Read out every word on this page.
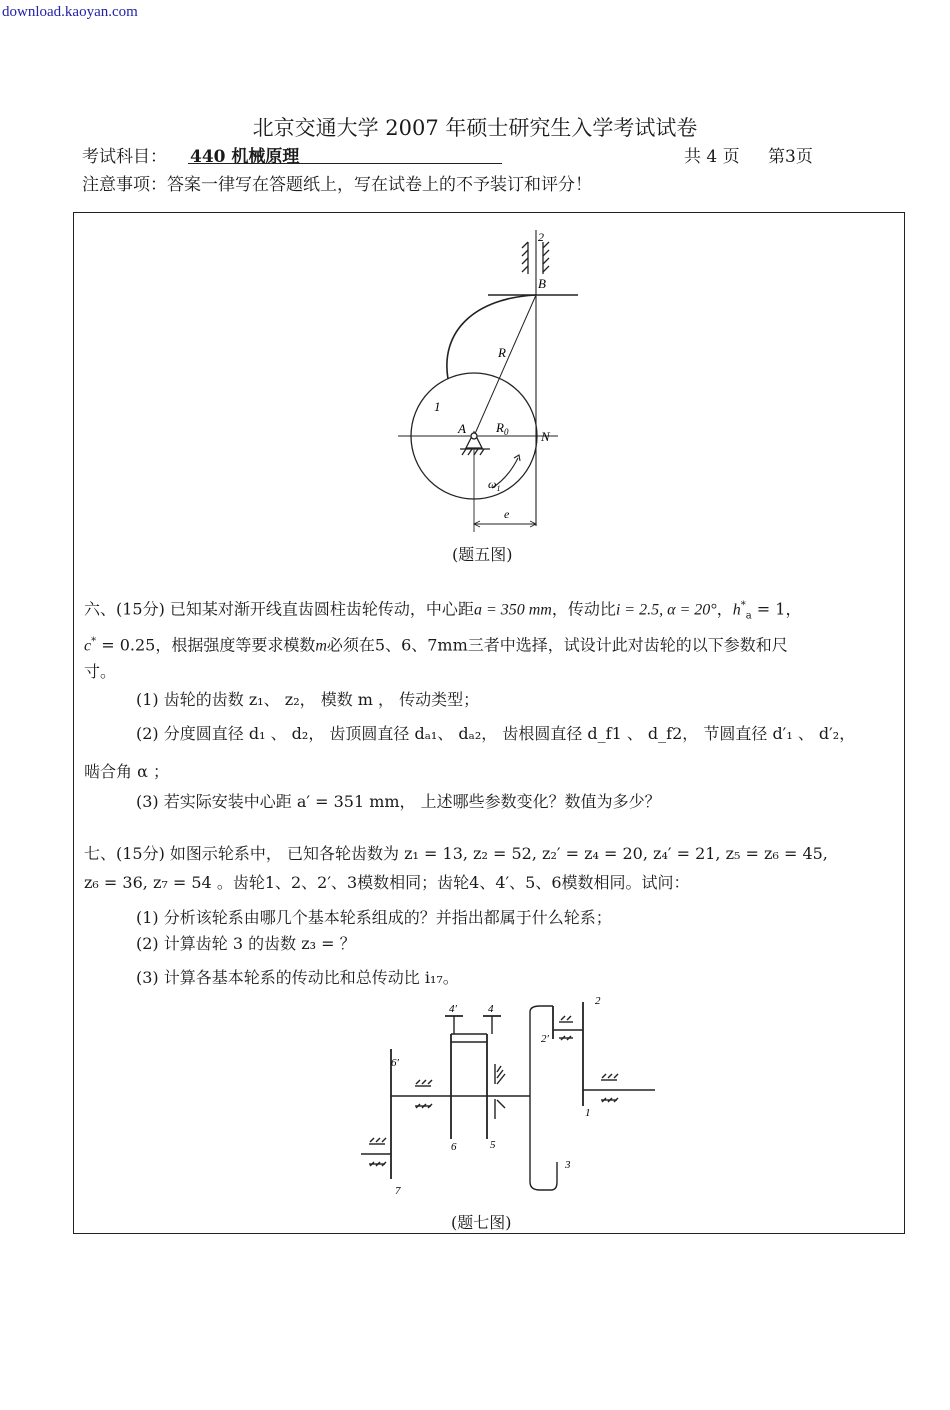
download.kaoyan.com
北京交通大学 2007 年硕士研究生入学考试试卷
考试科目： 440 机械原理	共 4 页 第3页
注意事项：答案一律写在答题纸上，写在试卷上的不予装订和评分！
2
B
R
1
A $R_0$	N
$\omega_1$
e
(题五图)
六、(15分) 已知某对渐开线直齿圆柱齿轮传动，中心距a = 350 mm，传动比i = 2.5, α = 20°，$h^*_a = 1$，
c* = 0.25，根据强度等要求模数m必须在5、6、7mm三者中选择，试设计此对齿轮的以下参数和尺
寸。
(1) 齿轮的齿数 z₁、 z₂， 模数 m ， 传动类型；
(2) 分度圆直径 d₁ 、 d₂， 齿顶圆直径 dₐ₁、 dₐ₂， 齿根圆直径 d_f1 、 d_f2， 节圆直径 d′₁ 、 d′₂，
啮合角 α ；
(3) 若实际安装中心距 a′ = 351 mm， 上述哪些参数变化？数值为多少？
七、(15分) 如图示轮系中， 已知各轮齿数为 z₁ = 13, z₂ = 52, z₂′ = z₄ = 20, z₄′ = 21, z₅ = z₆ = 45,
z₆ = 36, z₇ = 54 。齿轮1、2、2′、3模数相同；齿轮4、4′、5、6模数相同。试问：
(1) 分析该轮系由哪几个基本轮系组成的？并指出都属于什么轮系；
(2) 计算齿轮 3 的齿数 z₃ = ？
(3) 计算各基本轮系的传动比和总传动比 i₁₇。
4′	4
2′
2
6′
1
6	5
3
7
(题七图)
